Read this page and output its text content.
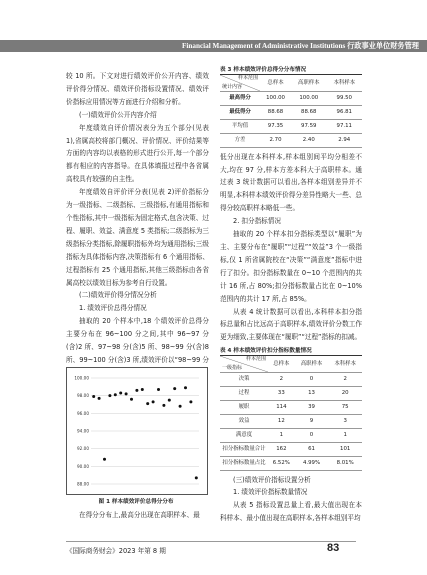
Financial Management of Administrative Institutions 行政事业单位财务管理

较 10 所。下文对进行绩效评价公开内容、绩效评价得分情况、绩效评价指标设置情况、绩效评价指标应用情况等方面进行介绍和分析。

(一)绩效评价公开内容介绍

年度绩效自评价情况表分为五个部分(见表 1),省属高校将部门概况、评价情况、评价结果等方面的内容均以表格的形式进行公开,每一个部分都有相应的内容指导。在具体填报过程中各省属高校具有较强的自主性。

年度绩效自评价评分表(见表 2)评价指标分为一级指标、二级指标、三级指标,有通用指标和个性指标,其中一级指标为固定格式,包含决策、过程、履职、效益、满意度 5 类指标;二级指标为三级指标分类指标,除履职指标外均为通用指标;三级指标为具体指标内容,决策指标有 6 个通用指标、过程指标有 25 个通用指标,其他三级指标由各省属高校以绩效目标为参考自行设置。

(二)绩效评价得分情况分析

1. 绩效评价总得分情况

抽取的 20 个样本中,18 个绩效评价总得分主要分布在 96~100 分之间,其中 96~97 分(含)2 所、97~98 分(含)5 所、98~99 分(含)8 所、99~100 分(含)3 所,绩效评价以“98~99 分

100.00
98.00
96.00
94.00
92.00
90.00
88.00
图 1 样本绩效评价总得分分布

在得分分布上,最高分出现在高职样本、最

表 3 样本绩效评价总得分分布情况

样本范围
统计内容	总样本	高职样本	本科样本
最高得分	100.00	100.00	99.50
最低得分	88.68	88.68	96.81
平均值	97.35	97.59	97.11
方差	2.70	2.40	2.94

低分出现在本科样本,样本组别间平均分相差不大,均在 97 分,样本方差本科大于高职样本。通过表 3 统计数据可以看出,各样本组别差异并不明显,本科样本绩效评价得分差异性略大一些、总得分较高职样本略低一些。

2. 扣分指标情况

抽取的 20 个样本扣分指标类型以“履职”为主、主要分布在“履职”“过程”“效益”3 个一级指标,仅 1 所省属院校在“决策”“满意度”指标中进行了扣分。扣分指标数量在 0~10 个范围内的共计 16 所,占 80%;扣分指标数量占比在 0~10% 范围内的共计 17 所,占 85%。

从表 4 统计数据可以看出,本科样本扣分指标总量和占比远高于高职样本,绩效评价分数工作更为细致,主要体现在“履职”“过程”指标的扣减。

表 4 样本绩效评价扣分指标数量情况

样本范围
一级指标	总样本	高职样本	本科样本
决策	2	0	2
过程	33	13	20
履职	114	39	75
效益	12	9	3
满意度	1	0	1
扣分指标数量合计	162	61	101
扣分指标数量占比	6.52%	4.99%	8.01%

(三)绩效评价指标设置分析

1. 绩效评价指标数量情况

从表 5 指标设置总量上看,最大值出现在本科样本、最小值出现在高职样本,各样本组别平均

《国际商务财会》2023 年第 8 期	83
